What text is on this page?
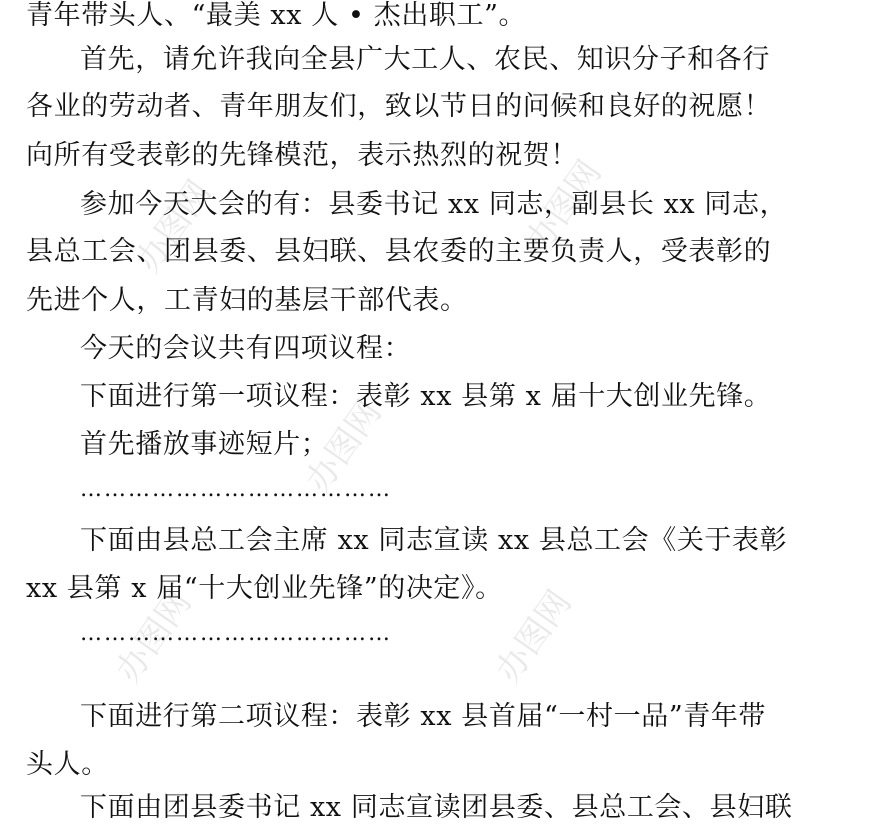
办图网	办图网
办图网
办图网	办图网
青年带头人、“最美 xx 人 • 杰出职工”。
首先，请允许我向全县广大工人、农民、知识分子和各行
各业的劳动者、青年朋友们，致以节日的问候和良好的祝愿！
向所有受表彰的先锋模范，表示热烈的祝贺！
参加今天大会的有：县委书记 xx 同志，副县长 xx 同志，
县总工会、团县委、县妇联、县农委的主要负责人，受表彰的
先进个人，工青妇的基层干部代表。
今天的会议共有四项议程：
下面进行第一项议程：表彰 xx 县第 x 届十大创业先锋。
首先播放事迹短片；
…………………………………
下面由县总工会主席 xx 同志宣读 xx 县总工会《关于表彰
xx 县第 x 届“十大创业先锋”的决定》。
…………………………………
下面进行第二项议程：表彰 xx 县首届“一村一品”青年带
头人。
下面由团县委书记 xx 同志宣读团县委、县总工会、县妇联
